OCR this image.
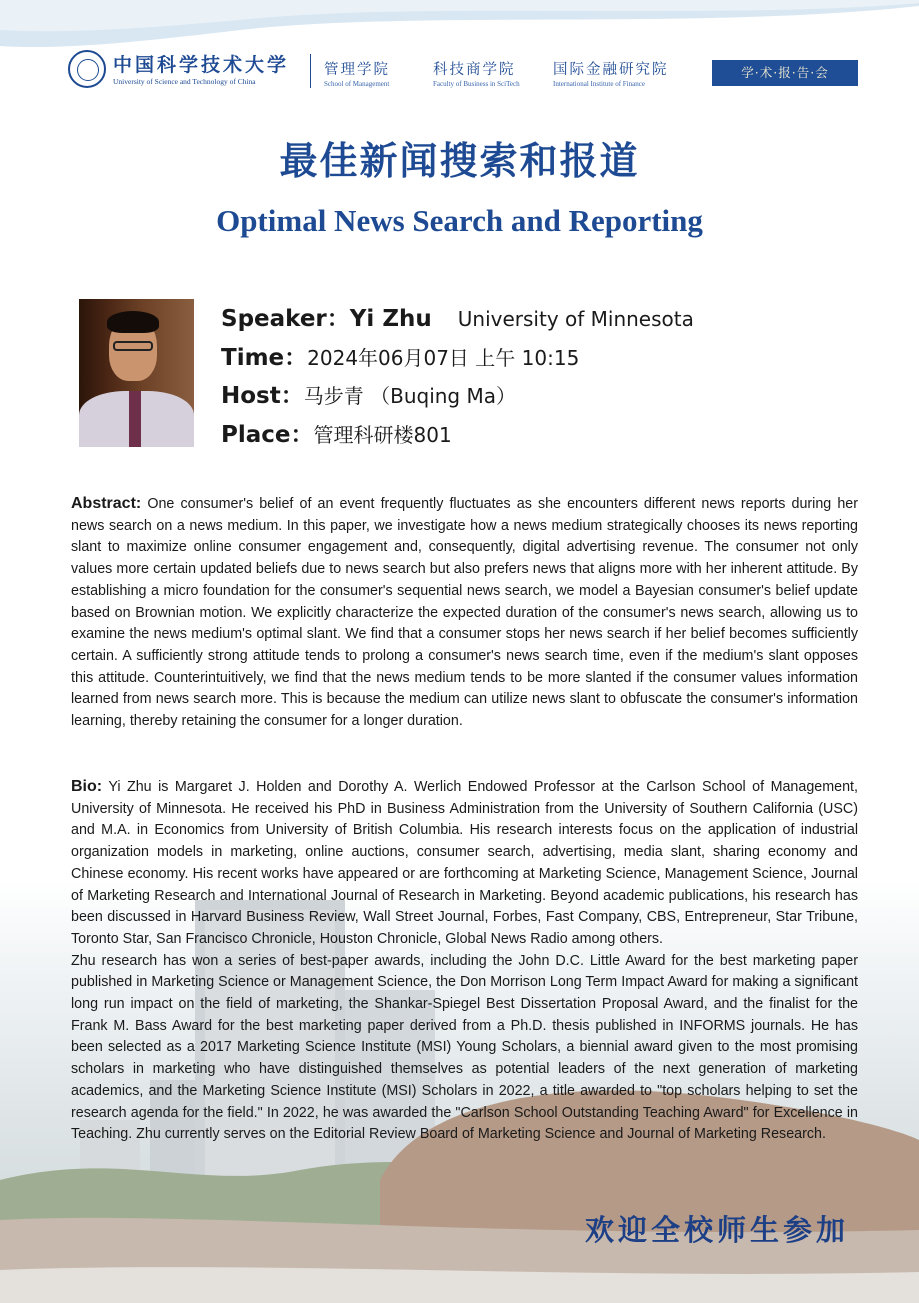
中国科学技术大学
University of Science and Technology of China
管理学院
School of Management
科技商学院
Faculty of Business in SciTech
国际金融研究院
International Institute of Finance
学·术·报·告·会
最佳新闻搜索和报道
Optimal News Search and Reporting
Speaker：Yi Zhu University of Minnesota
Time：2024年06月07日 上午 10:15
Host：马步青 （Buqing Ma）
Place：管理科研楼801
Abstract: One consumer's belief of an event frequently fluctuates as she encounters different news reports during her news search on a news medium. In this paper, we investigate how a news medium strategically chooses its news reporting slant to maximize online consumer engagement and, consequently, digital advertising revenue. The consumer not only values more certain updated beliefs due to news search but also prefers news that aligns more with her inherent attitude. By establishing a micro foundation for the consumer's sequential news search, we model a Bayesian consumer's belief update based on Brownian motion. We explicitly characterize the expected duration of the consumer's news search, allowing us to examine the news medium's optimal slant. We find that a consumer stops her news search if her belief becomes sufficiently certain. A sufficiently strong attitude tends to prolong a consumer's news search time, even if the medium's slant opposes this attitude. Counterintuitively, we find that the news medium tends to be more slanted if the consumer values information learned from news search more. This is because the medium can utilize news slant to obfuscate the consumer's information learning, thereby retaining the consumer for a longer duration.

Bio: Yi Zhu is Margaret J. Holden and Dorothy A. Werlich Endowed Professor at the Carlson School of Management, University of Minnesota. He received his PhD in Business Administration from the University of Southern California (USC) and M.A. in Economics from University of British Columbia. His research interests focus on the application of industrial organization models in marketing, online auctions, consumer search, advertising, media slant, sharing economy and Chinese economy. His recent works have appeared or are forthcoming at Marketing Science, Management Science, Journal of Marketing Research and International Journal of Research in Marketing. Beyond academic publications, his research has been discussed in Harvard Business Review, Wall Street Journal, Forbes, Fast Company, CBS, Entrepreneur, Star Tribune, Toronto Star, San Francisco Chronicle, Houston Chronicle, Global News Radio among others.

Zhu research has won a series of best-paper awards, including the John D.C. Little Award for the best marketing paper published in Marketing Science or Management Science, the Don Morrison Long Term Impact Award for making a significant long run impact on the field of marketing, the Shankar-Spiegel Best Dissertation Proposal Award, and the finalist for the Frank M. Bass Award for the best marketing paper derived from a Ph.D. thesis published in INFORMS journals. He has been selected as a 2017 Marketing Science Institute (MSI) Young Scholars, a biennial award given to the most promising scholars in marketing who have distinguished themselves as potential leaders of the next generation of marketing academics, and the Marketing Science Institute (MSI) Scholars in 2022, a title awarded to "top scholars helping to set the research agenda for the field." In 2022, he was awarded the "Carlson School Outstanding Teaching Award" for Excellence in Teaching. Zhu currently serves on the Editorial Review Board of Marketing Science and Journal of Marketing Research.

欢迎全校师生参加
